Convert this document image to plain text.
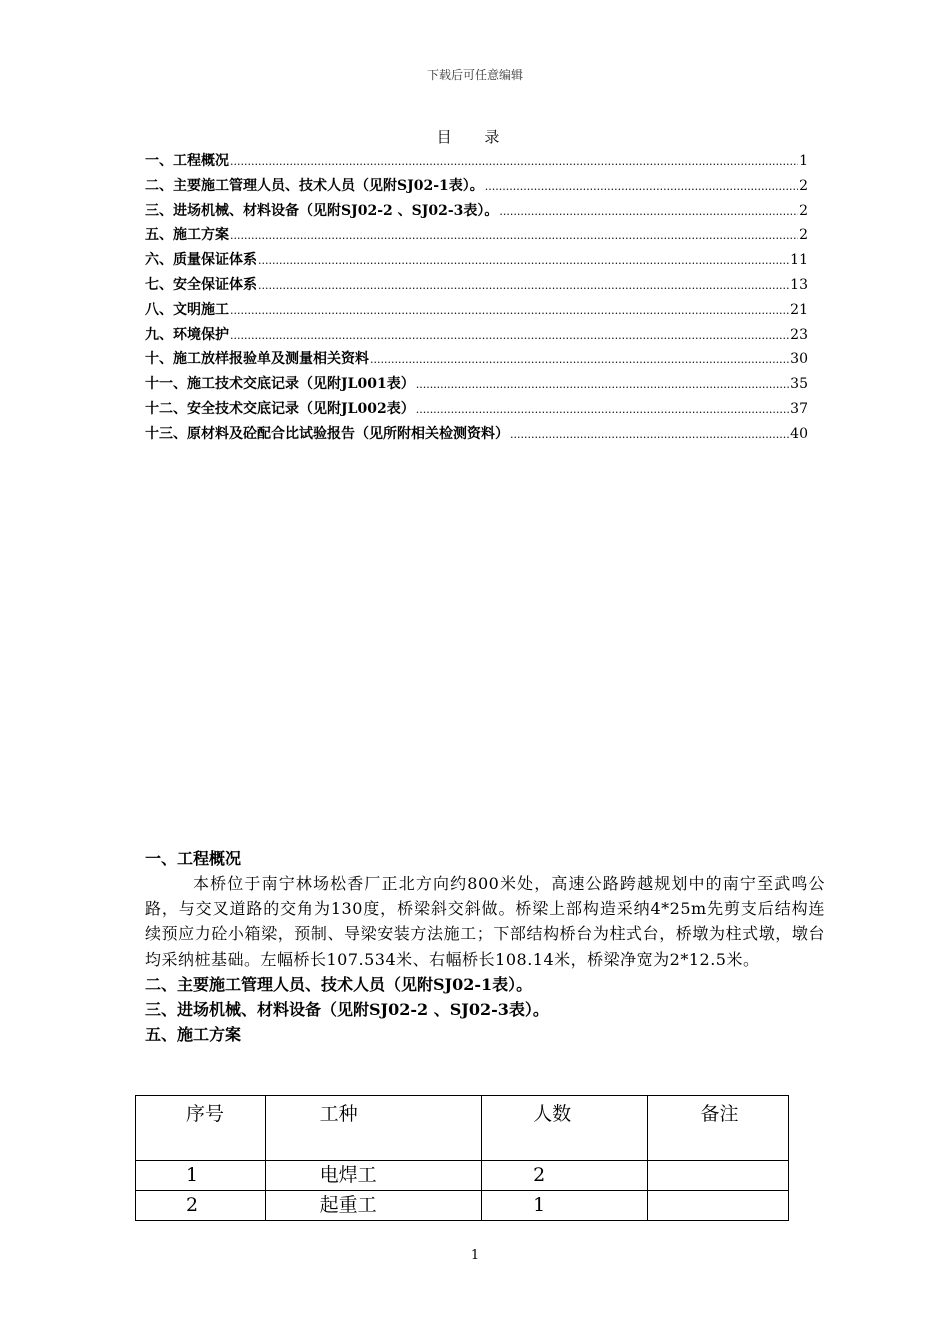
下载后可任意编辑
目 录
一、工程概况 .....	1
二、主要施工管理人员、技术人员（见附SJ02-1表）。 .....	2
三、进场机械、材料设备（见附SJ02-2 、SJ02-3表）。 .....	2
五、施工方案 .....	2
六、质量保证体系 .....	11
七、安全保证体系 .....	13
八、文明施工 .....	21
九、环境保护 .....	23
十、施工放样报验单及测量相关资料 .....	30
十一、施工技术交底记录（见附JL001表） .....	35
十二、安全技术交底记录（见附JL002表） .....	37
十三、原材料及砼配合比试验报告（见所附相关检测资料） .....	40
一、工程概况

本桥位于南宁林场松香厂正北方向约800米处，高速公路跨越规划中的南宁至武鸣公路，与交叉道路的交角为130度，桥梁斜交斜做。桥梁上部构造采纳4*25m先剪支后结构连续预应力砼小箱梁，预制、导梁安装方法施工；下部结构桥台为柱式台，桥墩为柱式墩，墩台均采纳桩基础。左幅桥长107.534米、右幅桥长108.14米，桥梁净宽为2*12.5米。

二、主要施工管理人员、技术人员（见附SJ02-1表）。
三、进场机械、材料设备（见附SJ02-2 、SJ02-3表）。
五、施工方案
序号	工种	人数	备注
1	电焊工	2	
2	起重工	1	
1
